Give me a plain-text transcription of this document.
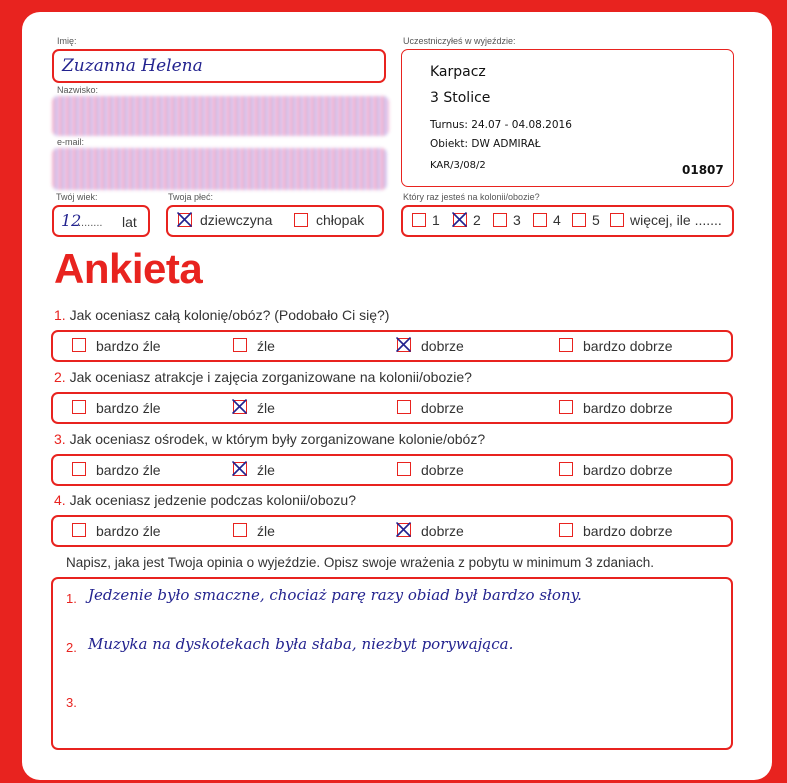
Imię:
Zuzanna Helena
Nazwisko:
e-mail:
Twój wiek:
12
........ lat
Twoja płeć:
dziewczyna	chłopak
Uczestniczyłeś w wyjeździe:
Karpacz
3 Stolice
Turnus: 24.07 - 04.08.2016
Obiekt: DW ADMIRAŁ
KAR/3/08/2	01807
Który raz jesteś na kolonii/obozie?
1 2 3 4 5 więcej, ile .......
Ankieta
1. Jak oceniasz całą kolonię/obóz? (Podobało Ci się?)
bardzo źle	źle	dobrze	bardzo dobrze
2. Jak oceniasz atrakcje i zajęcia zorganizowane na kolonii/obozie?
bardzo źle	źle	dobrze	bardzo dobrze
3. Jak oceniasz ośrodek, w którym były zorganizowane kolonie/obóz?
bardzo źle	źle	dobrze	bardzo dobrze
4. Jak oceniasz jedzenie podczas kolonii/obozu?
bardzo źle	źle	dobrze	bardzo dobrze
Napisz, jaka jest Twoja opinia o wyjeździe. Opisz swoje wrażenia z pobytu w minimum 3 zdaniach.
1. Jedzenie było smaczne, chociaż parę razy obiad był bardzo słony.
2. Muzyka na dyskotekach była słaba, niezbyt porywająca.
3.
